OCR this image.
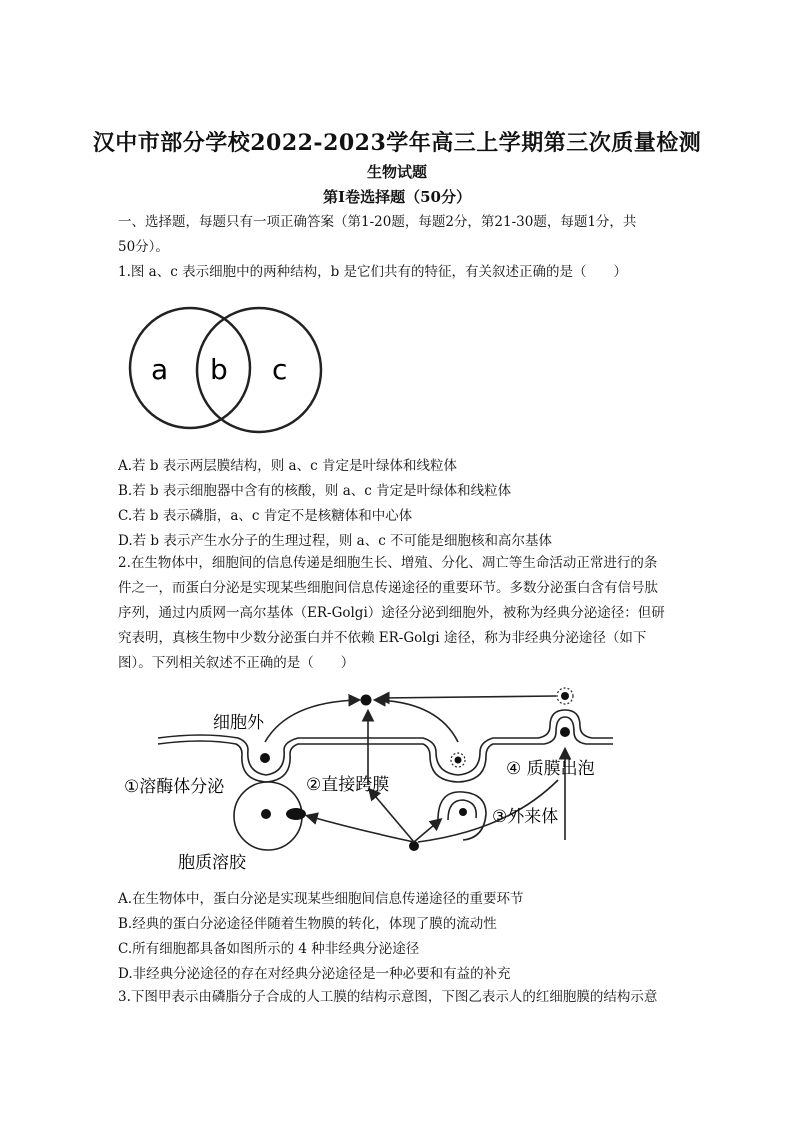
汉中市部分学校2022-2023学年高三上学期第三次质量检测
生物试题
第Ⅰ卷选择题（50分）
一、选择题，每题只有一项正确答案（第1-20题，每题2分，第21-30题，每题1分，共
50分）。
1.图 a、c 表示细胞中的两种结构，b 是它们共有的特征，有关叙述正确的是（　　）
a b c
A.若 b 表示两层膜结构，则 a、c 肯定是叶绿体和线粒体
B.若 b 表示细胞器中含有的核酸，则 a、c 肯定是叶绿体和线粒体
C.若 b 表示磷脂，a、c 肯定不是核糖体和中心体
D.若 b 表示产生水分子的生理过程，则 a、c 不可能是细胞核和高尔基体
2.在生物体中，细胞间的信息传递是细胞生长、增殖、分化、凋亡等生命活动正常进行的条
件之一，而蛋白分泌是实现某些细胞间信息传递途径的重要环节。多数分泌蛋白含有信号肽
序列，通过内质网一高尔基体（ER-Golgi）途径分泌到细胞外，被称为经典分泌途径：但研
究表明，真核生物中少数分泌蛋白并不依赖 ER-Golgi 途径，称为非经典分泌途径（如下
图）。下列相关叙述不正确的是（　　）
细胞外
①溶酶体分泌	②直接跨膜
③外来体
④ 质膜出泡
胞质溶胶
A.在生物体中，蛋白分泌是实现某些细胞间信息传递途径的重要环节
B.经典的蛋白分泌途径伴随着生物膜的转化，体现了膜的流动性
C.所有细胞都具备如图所示的 4 种非经典分泌途径
D.非经典分泌途径的存在对经典分泌途径是一种必要和有益的补充
3.下图甲表示由磷脂分子合成的人工膜的结构示意图，下图乙表示人的红细胞膜的结构示意
